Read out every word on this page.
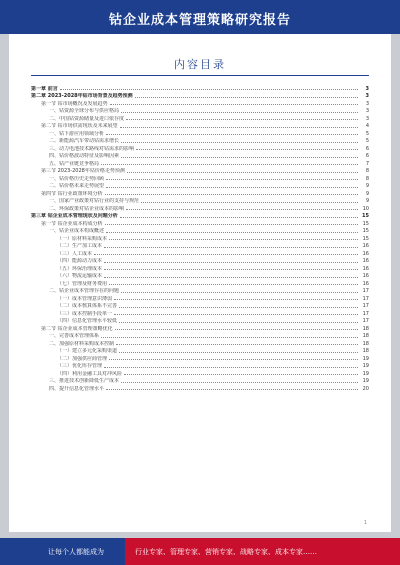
钴企业成本管理策略研究报告
内容目录
第一章 前言	3
第二章 2023-2028年钴市场背景及趋势预测	3
第一节 钴市场概况及发展趋势	3
一、钴资源全球分布与供应格局	3
二、中国钴资源储量及进口依存度	3
第二节 钴市场供需现状及未来展望	4
一、钴下游应用领域分析	5
二、新能源汽车带动钴需求增长	5
三、动力电池技术路线对钴需求的影响	6
四、钴价格波动特征及影响因素	6
五、钴产业链竞争格局	7
第三节 2023-2028年钴价格走势预测	8
一、钴价格历史走势回顾	8
二、钴价格未来走势展望	9
第四节 钴行业政策环境分析	9
一、国家产业政策对钴行业的支持与规范	9
二、环保政策对钴企业成本的影响	10
第三章 钴企业成本管理现状及问题分析	15
第一节 钴企业成本构成分析	15
一、钴企业成本构成概述	15
（一）原材料采购成本	15
（二）生产加工成本	16
（三）人工成本	16
（四）能源动力成本	16
（五）环保治理成本	16
（六）物流运输成本	16
（七）管理及财务费用	16
二、钴企业成本管理存在的问题	17
（一）成本管理意识薄弱	17
（二）成本核算体系不完善	17
（三）成本控制手段单一	17
（四）信息化管理水平较低	17
第二节 钴企业成本管理策略优化	18
一、完善成本管理体系	18
二、加强原材料采购成本控制	18
（一）建立多元化采购渠道	18
（二）加强供应商管理	19
（三）优化库存管理	19
（四）利用金融工具对冲风险	19
三、推进技术创新降低生产成本	19
四、提升信息化管理水平	20
1
让每个人都能成为	行业专家、管理专家、营销专家、战略专家、成本专家……
